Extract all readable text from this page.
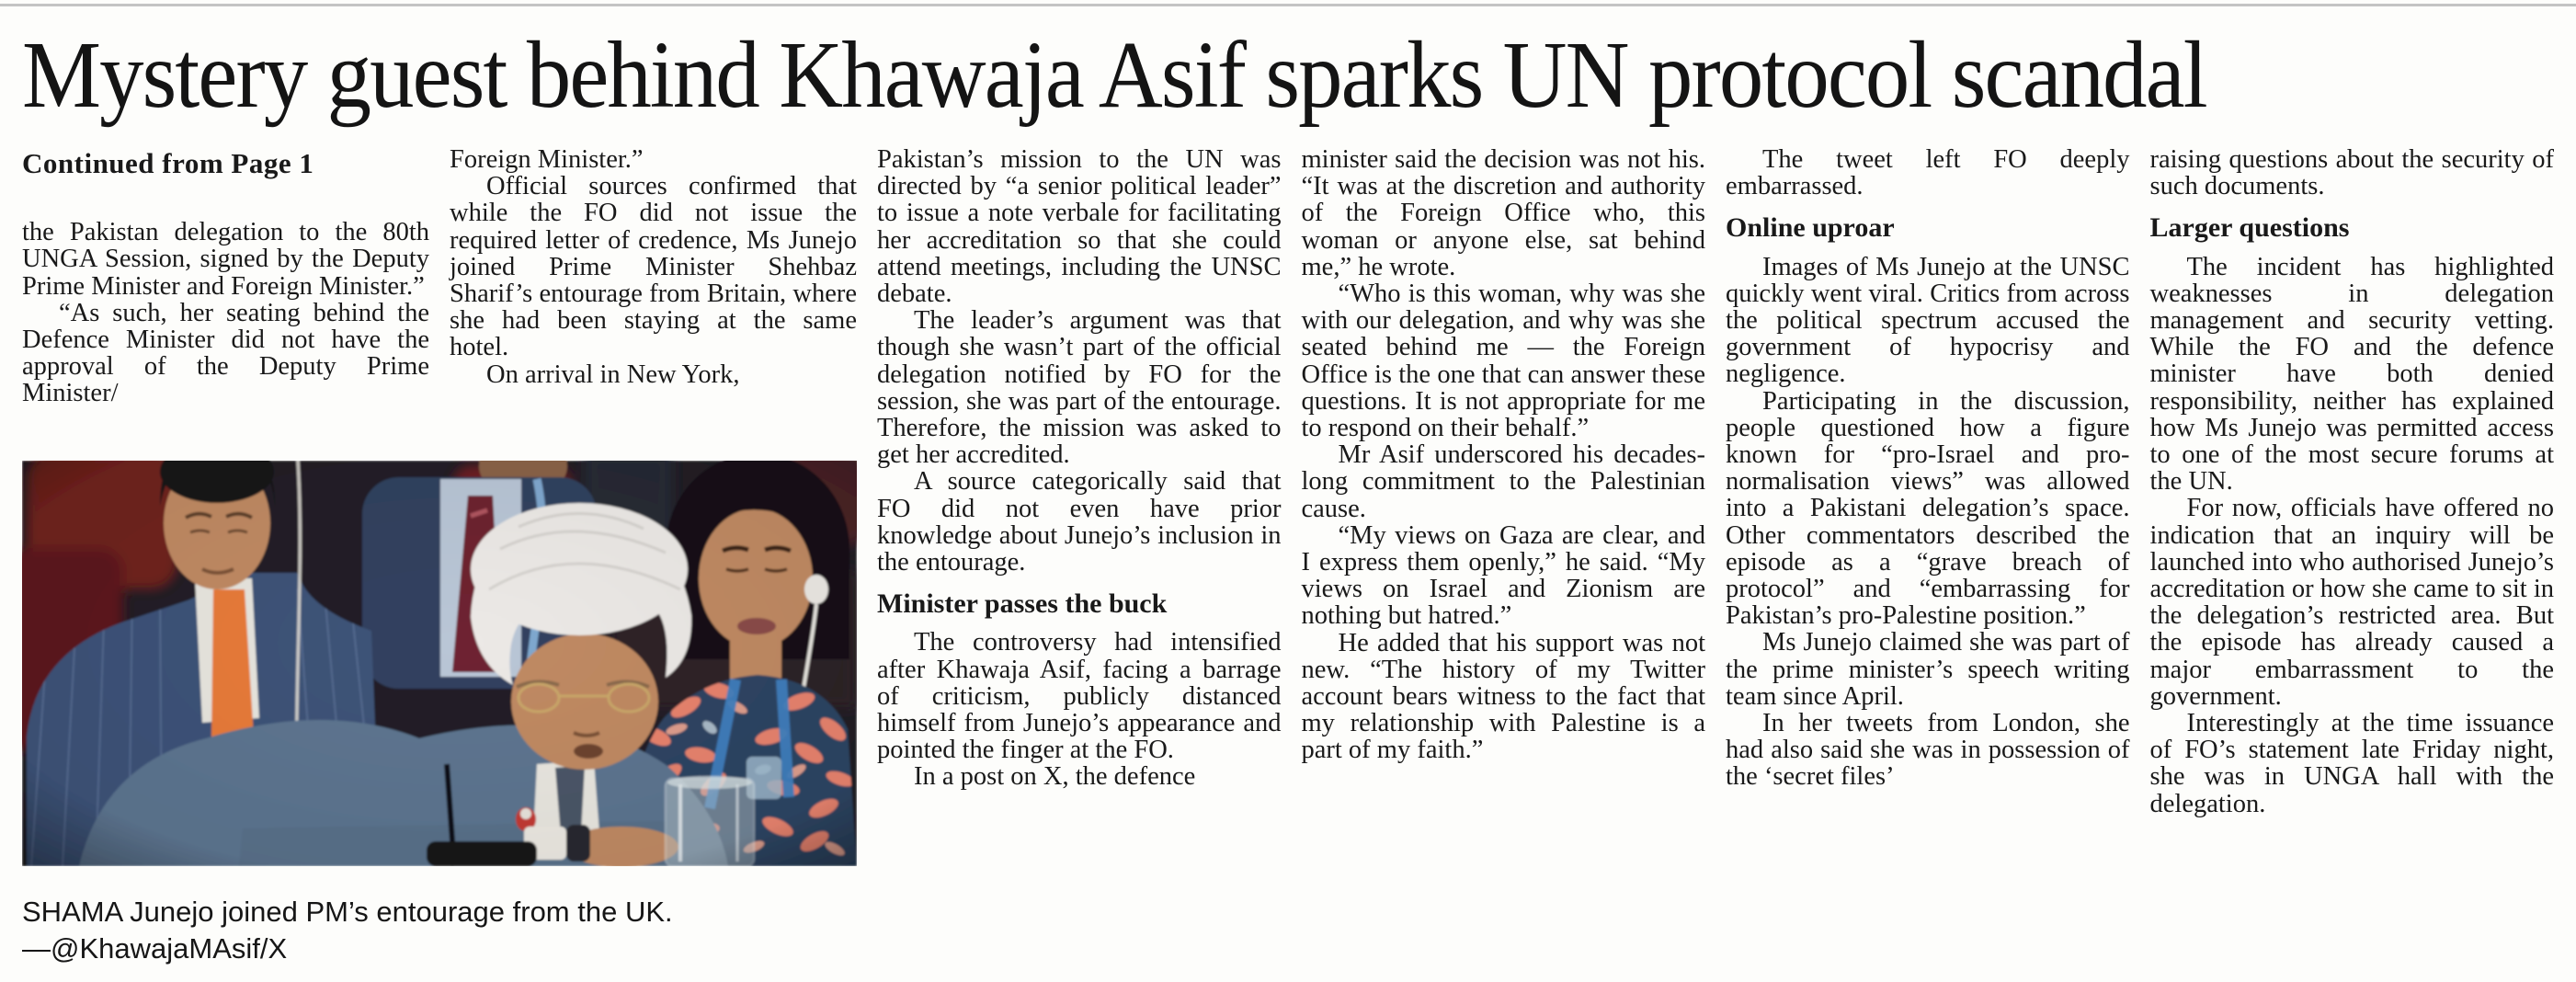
Mystery guest behind Khawaja Asif sparks UN protocol scandal
Continued from Page 1

the Pakistan delegation to the 80th UNGA Session, signed by the Deputy Prime Minister and Foreign Minister.”

“As such, her seating behind the Defence Minister did not have the approval of the Deputy Prime Minister/

Foreign Minister.”

Official sources confirmed that while the FO did not issue the required letter of credence, Ms Junejo joined Prime Minister Shehbaz Sharif’s entourage from Britain, where she had been staying at the same hotel.

On arrival in New York,

SHAMA Junejo joined PM’s entourage from the UK.
—@KhawajaMAsif/X

Pakistan’s mission to the UN was directed by “a senior political leader” to issue a note verbale for facilitating her accreditation so that she could attend meetings, including the UNSC debate.

The leader’s argument was that though she wasn’t part of the official delegation notified by FO for the session, she was part of the entourage. Therefore, the mission was asked to get her accredited.

A source categorically said that FO did not even have prior knowledge about Junejo’s inclusion in the entourage.

Minister passes the buck

The controversy had intensified after Khawaja Asif, facing a barrage of criticism, publicly distanced himself from Junejo’s appearance and pointed the finger at the FO.

In a post on X, the defence

minister said the decision was not his. “It was at the discretion and authority of the Foreign Office who, this woman or anyone else, sat behind me,” he wrote.

“Who is this woman, why was she with our delegation, and why was she seated behind me — the Foreign Office is the one that can answer these questions. It is not appropriate for me to respond on their behalf.”

Mr Asif underscored his decades-long commitment to the Palestinian cause.

“My views on Gaza are clear, and I express them openly,” he said. “My views on Israel and Zionism are nothing but hatred.”

He added that his support was not new. “The history of my Twitter account bears witness to the fact that my relationship with Palestine is a part of my faith.”

The tweet left FO deeply embarrassed.

Online uproar

Images of Ms Junejo at the UNSC quickly went viral. Critics from across the political spectrum accused the government of hypocrisy and negligence.

Participating in the discussion, people questioned how a figure known for “pro-Israel and pro-normalisation views” was allowed into a Pakistani delegation’s space. Other commentators described the episode as a “grave breach of protocol” and “embarrassing for Pakistan’s pro-Palestine position.”

Ms Junejo claimed she was part of the prime minister’s speech writing team since April.

In her tweets from London, she had also said she was in possession of the ‘secret files’

raising questions about the security of such documents.

Larger questions

The incident has highlighted weaknesses in delegation management and security vetting. While the FO and the defence minister have both denied responsibility, neither has explained how Ms Junejo was permitted access to one of the most secure forums at the UN.

For now, officials have offered no indication that an inquiry will be launched into who authorised Junejo’s accreditation or how she came to sit in the delegation’s restricted area. But the episode has already caused a major embarrassment to the government.

Interestingly at the time issuance of FO’s statement late Friday night, she was in UNGA hall with the delegation.
